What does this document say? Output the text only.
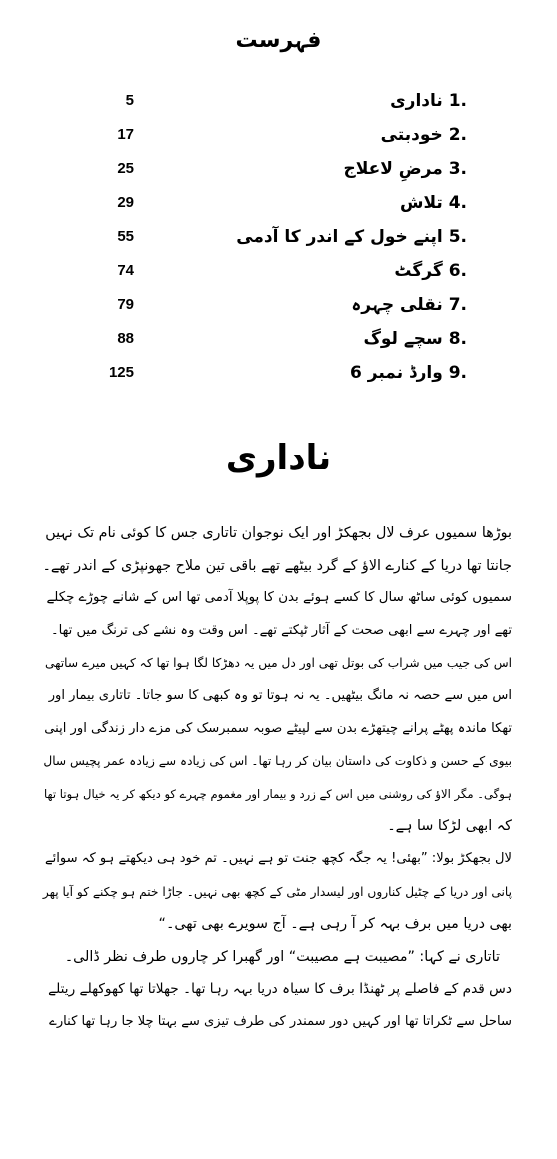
فہرست
.1 ناداری
5
.2 خودبتی
17
.3 مرضِ لاعلاج
25
.4 تلاش
29
.5 اپنے خول کے اندر کا آدمی
55
.6 گرگٹ
74
.7 نقلی چہرہ
79
.8 سچے لوگ
88
.9 وارڈ نمبر 6
125
ناداری
بوڑھا سمیوں عرف لال بجھکڑ اور ایک نوجوان تاتاری جس کا کوئی نام تک نہیں
جانتا تھا دریا کے کنارے الاؤ کے گرد بیٹھے تھے باقی تین ملاح جھونپڑی کے اندر تھے۔
سمیوں کوئی ساٹھ سال کا کسے ہوئے بدن کا پوپلا آدمی تھا اس کے شانے چوڑے چکلے
تھے اور چہرے سے ابھی صحت کے آثار ٹپکتے تھے۔ اس وقت وہ نشے کی ترنگ میں تھا۔
اس کی جیب میں شراب کی بوتل تھی اور دل میں یہ دھڑکا لگا ہوا تھا کہ کہیں میرے ساتھی
اس میں سے حصہ نہ مانگ بیٹھیں۔ یہ نہ ہوتا تو وہ کبھی کا سو جاتا۔ تاتاری بیمار اور
تھکا ماندہ پھٹے پرانے چیتھڑے بدن سے لپیٹے صوبہ سمبرسک کی مزے دار زندگی اور اپنی
بیوی کے حسن و ذکاوت کی داستان بیان کر رہا تھا۔ اس کی زیادہ سے زیادہ عمر پچیس سال
ہوگی۔ مگر الاؤ کی روشنی میں اس کے زرد و بیمار اور مغموم چہرے کو دیکھ کر یہ خیال ہوتا تھا
کہ ابھی لڑکا سا ہے۔
لال بجھکڑ بولا: ”بھئی! یہ جگہ کچھ جنت تو ہے نہیں۔ تم خود ہی دیکھتے ہو کہ سوائے
پانی اور دریا کے چٹیل کناروں اور لیسدار مٹی کے کچھ بھی نہیں۔ جاڑا ختم ہو چکنے کو آیا پھر
بھی دریا میں برف بہہ کر آ رہی ہے۔ آج سویرے بھی تھی۔“
تاتاری نے کہا: ”مصیبت ہے مصیبت“ اور گھبرا کر چاروں طرف نظر ڈالی۔
دس قدم کے فاصلے پر ٹھنڈا برف کا سیاہ دریا بہہ رہا تھا۔ جھلاتا تھا کھوکھلے ریتلے
ساحل سے ٹکراتا تھا اور کہیں دور سمندر کی طرف تیزی سے بہتا چلا جا رہا تھا کنارے
